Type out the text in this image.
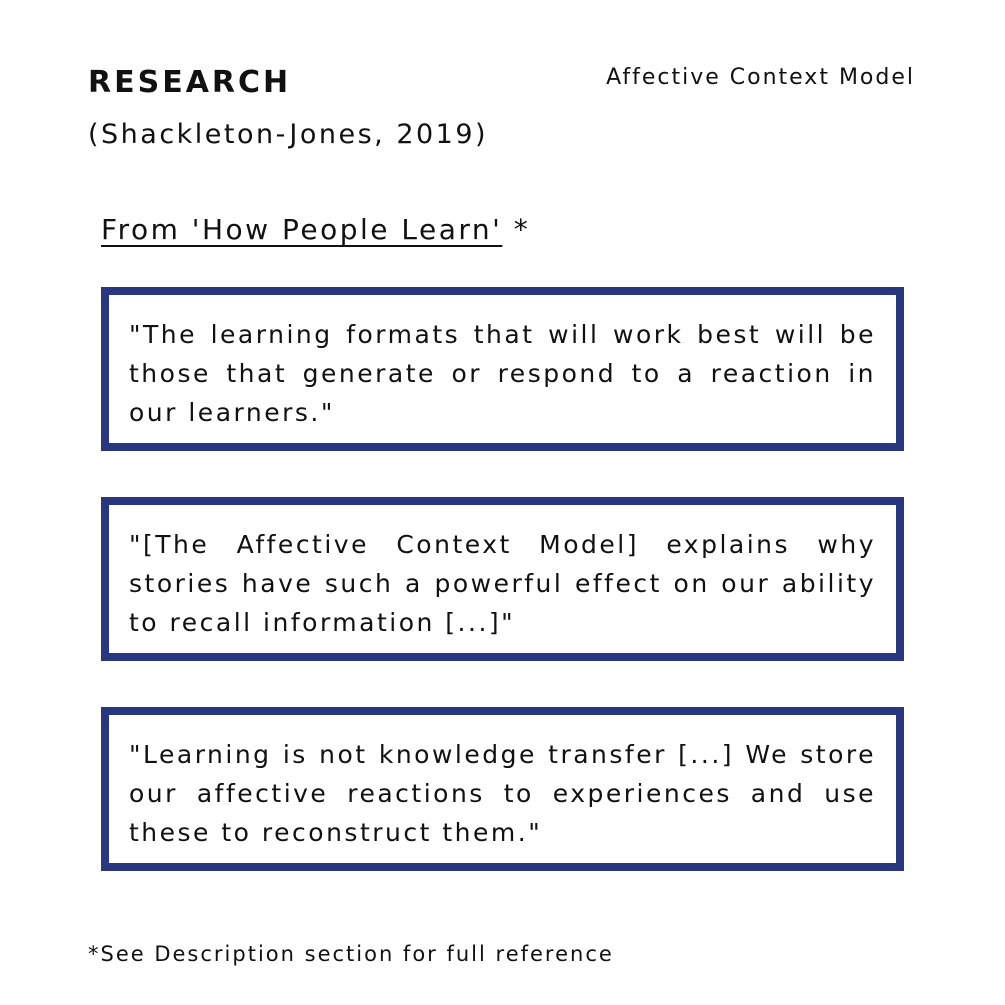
RESEARCH	Affective Context Model
(Shackleton-Jones, 2019)
From 'How People Learn' *

"The learning formats that will work best will be those that generate or respond to a reaction in our learners."

"[The Affective Context Model] explains why stories have such a powerful effect on our ability to recall information [...]"

"Learning is not knowledge transfer [...] We store our affective reactions to experiences and use these to reconstruct them."

*See Description section for full reference
